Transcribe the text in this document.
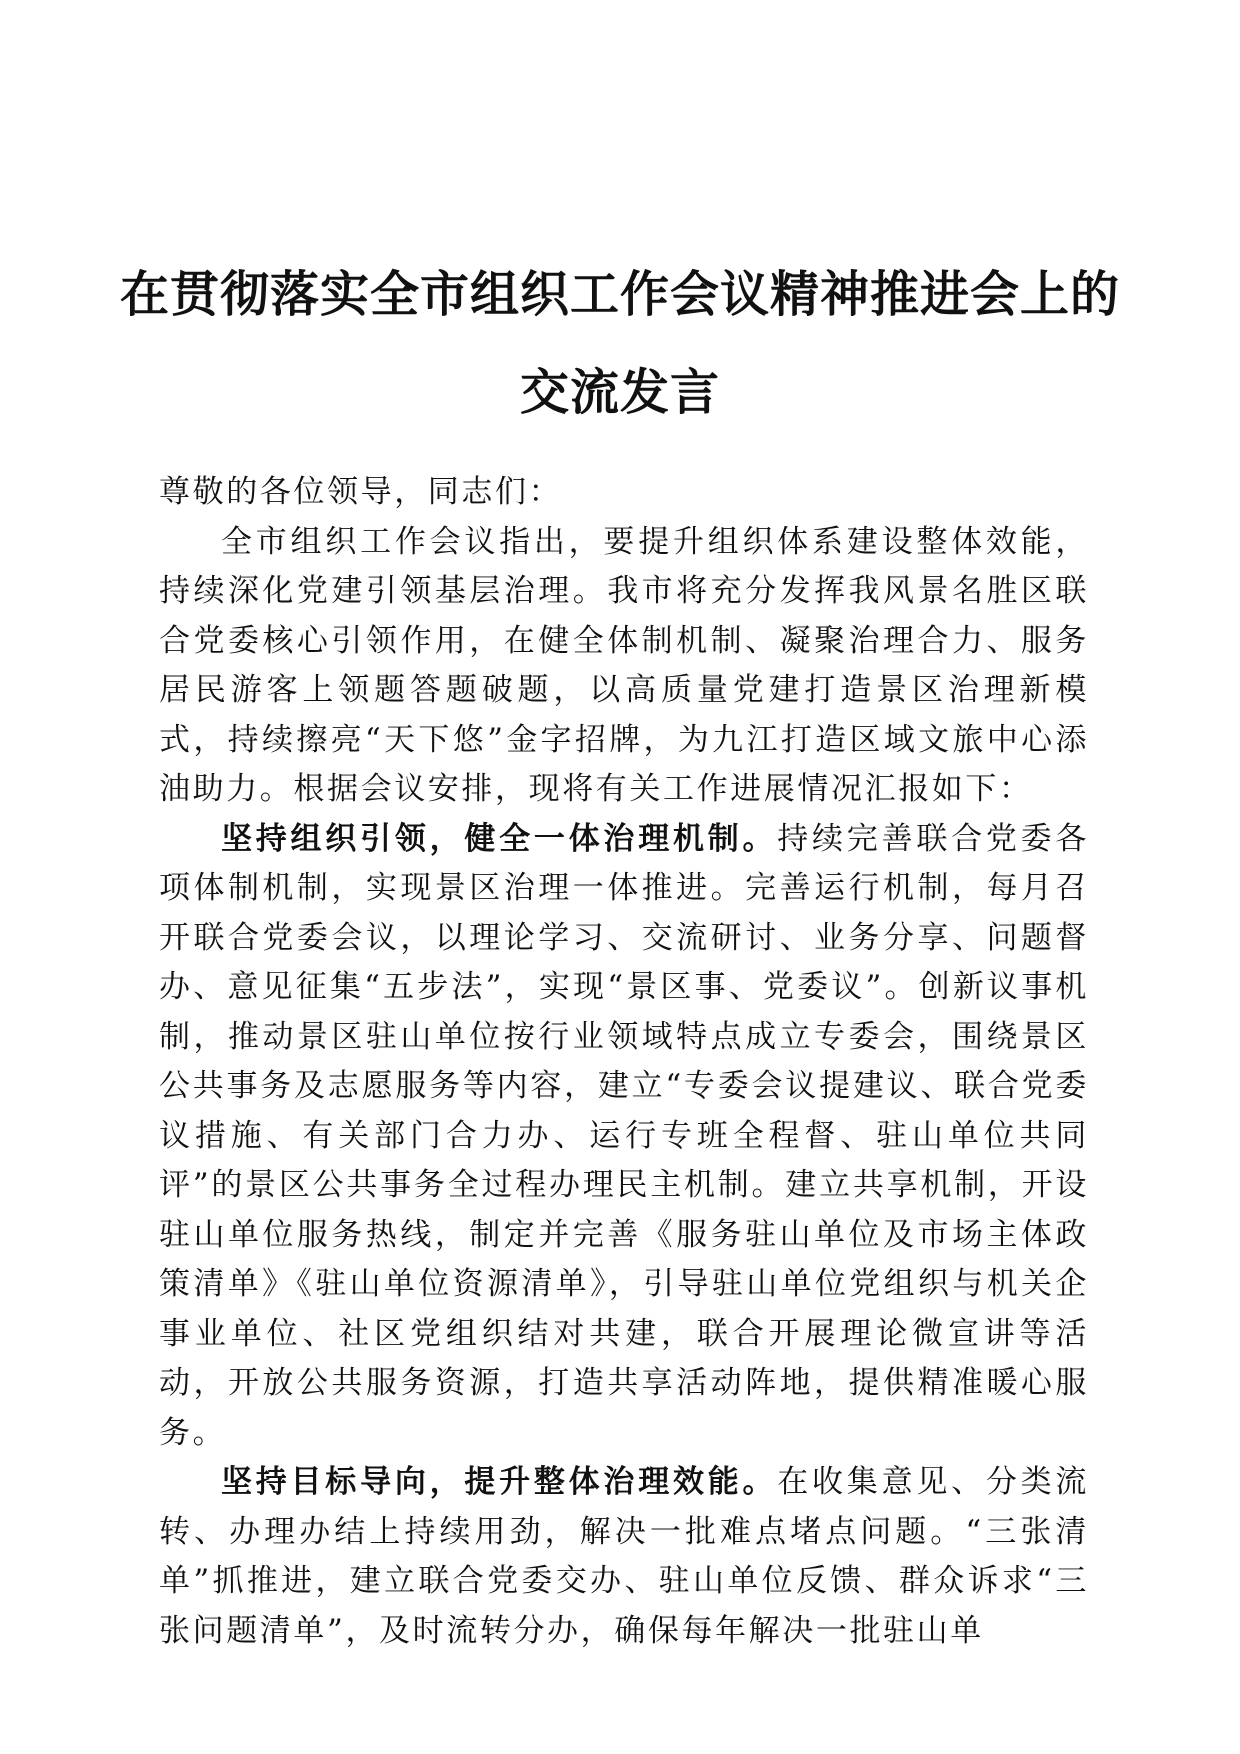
在贯彻落实全市组织工作会议精神推进会上的
交流发言

尊敬的各位领导，同志们：

全市组织工作会议指出，要提升组织体系建设整体效能，持续深化党建引领基层治理。我市将充分发挥我风景名胜区联合党委核心引领作用，在健全体制机制、凝聚治理合力、服务居民游客上领题答题破题，以高质量党建打造景区治理新模式，持续擦亮“天下悠”金字招牌，为九江打造区域文旅中心添油助力。根据会议安排，现将有关工作进展情况汇报如下：

坚持组织引领，健全一体治理机制。持续完善联合党委各项体制机制，实现景区治理一体推进。完善运行机制，每月召开联合党委会议，以理论学习、交流研讨、业务分享、问题督办、意见征集“五步法”，实现“景区事、党委议”。创新议事机制，推动景区驻山单位按行业领域特点成立专委会，围绕景区公共事务及志愿服务等内容，建立“专委会议提建议、联合党委议措施、有关部门合力办、运行专班全程督、驻山单位共同评”的景区公共事务全过程办理民主机制。建立共享机制，开设驻山单位服务热线，制定并完善《服务驻山单位及市场主体政策清单》《驻山单位资源清单》，引导驻山单位党组织与机关企事业单位、社区党组织结对共建，联合开展理论微宣讲等活动，开放公共服务资源，打造共享活动阵地，提供精准暖心服务。

坚持目标导向，提升整体治理效能。在收集意见、分类流转、办理办结上持续用劲，解决一批难点堵点问题。“三张清单”抓推进，建立联合党委交办、驻山单位反馈、群众诉求“三张问题清单”，及时流转分办，确保每年解决一批驻山单
